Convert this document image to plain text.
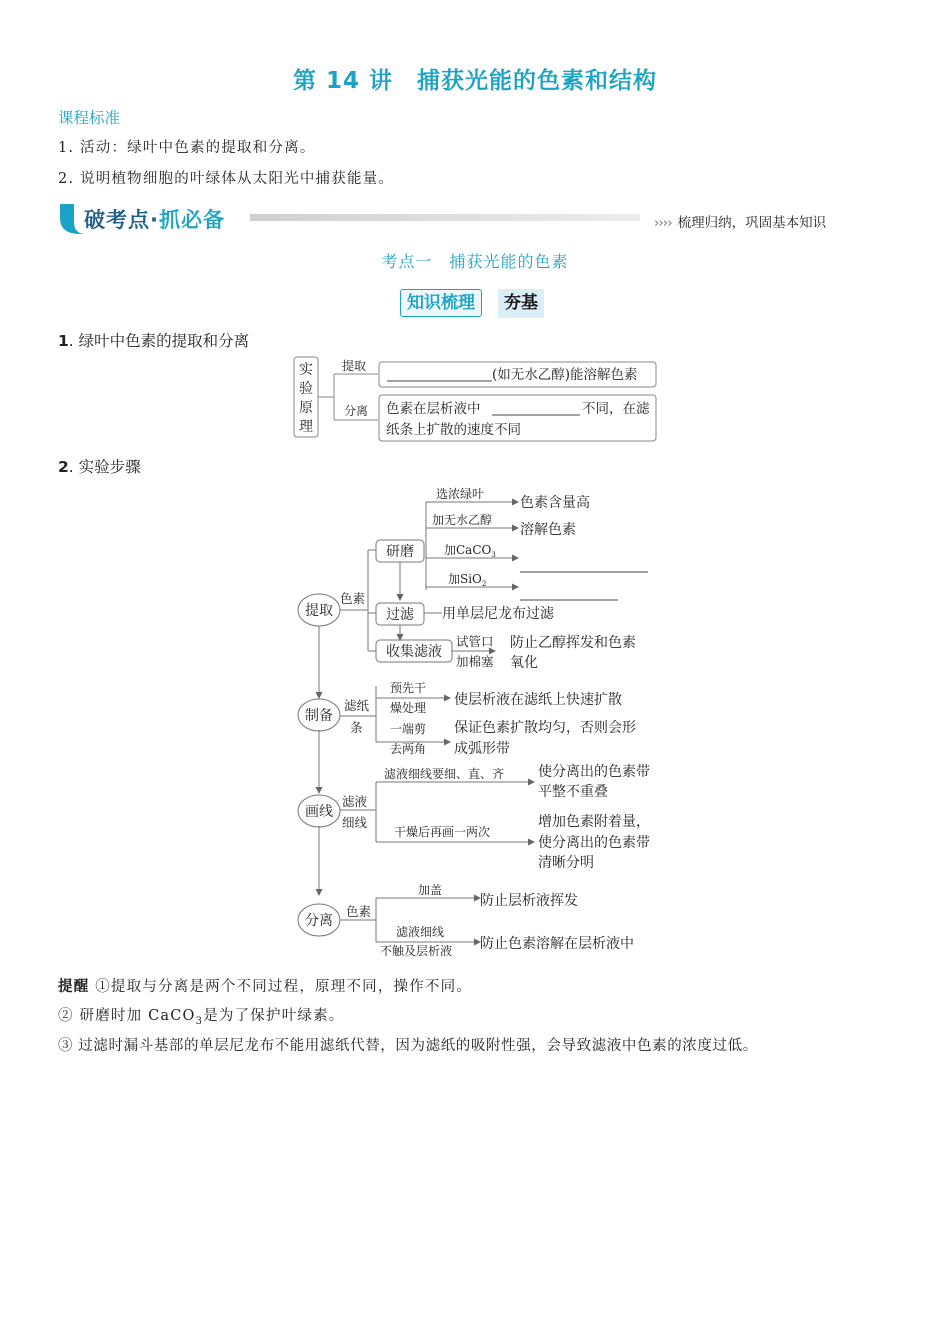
第 14 讲　捕获光能的色素和结构
课程标准
1. 活动：绿叶中色素的提取和分离。
2. 说明植物细胞的叶绿体从太阳光中捕获能量。
破考点·抓必备	›››› 梳理归纳，巩固基本知识
考点一　捕获光能的色素
知识梳理	夯基
1. 绿叶中色素的提取和分离
实
验
原
理
提取
分离
(如无水乙醇)能溶解色素
色素在层析液中	不同，在滤
纸条上扩散的速度不同
2. 实验步骤
提取
色素
研磨
选浓绿叶
色素含量高
加无水乙醇
溶解色素
加CaCO$_3$
加SiO$_2$
过滤 用单层尼龙布过滤
收集滤液
试管口
加棉塞
防止乙醇挥发和色素
氧化
制备
滤纸
条
预先干
燥处理 使层析液在滤纸上快速扩散
一端剪
去两角
保证色素扩散均匀，否则会形
成弧形带
画线
滤液
细线
滤液细线要细、直、齐 使分离出的色素带
平整不重叠
干燥后再画一两次
增加色素附着量，
使分离出的色素带
清晰分明
分离
色素
加盖
防止层析液挥发
滤液细线
不触及层析液 防止色素溶解在层析液中
提醒 ①提取与分离是两个不同过程，原理不同，操作不同。
② 研磨时加 CaCO$_3$是为了保护叶绿素。
③ 过滤时漏斗基部的单层尼龙布不能用滤纸代替，因为滤纸的吸附性强，会导致滤液中色素的浓度过低。
